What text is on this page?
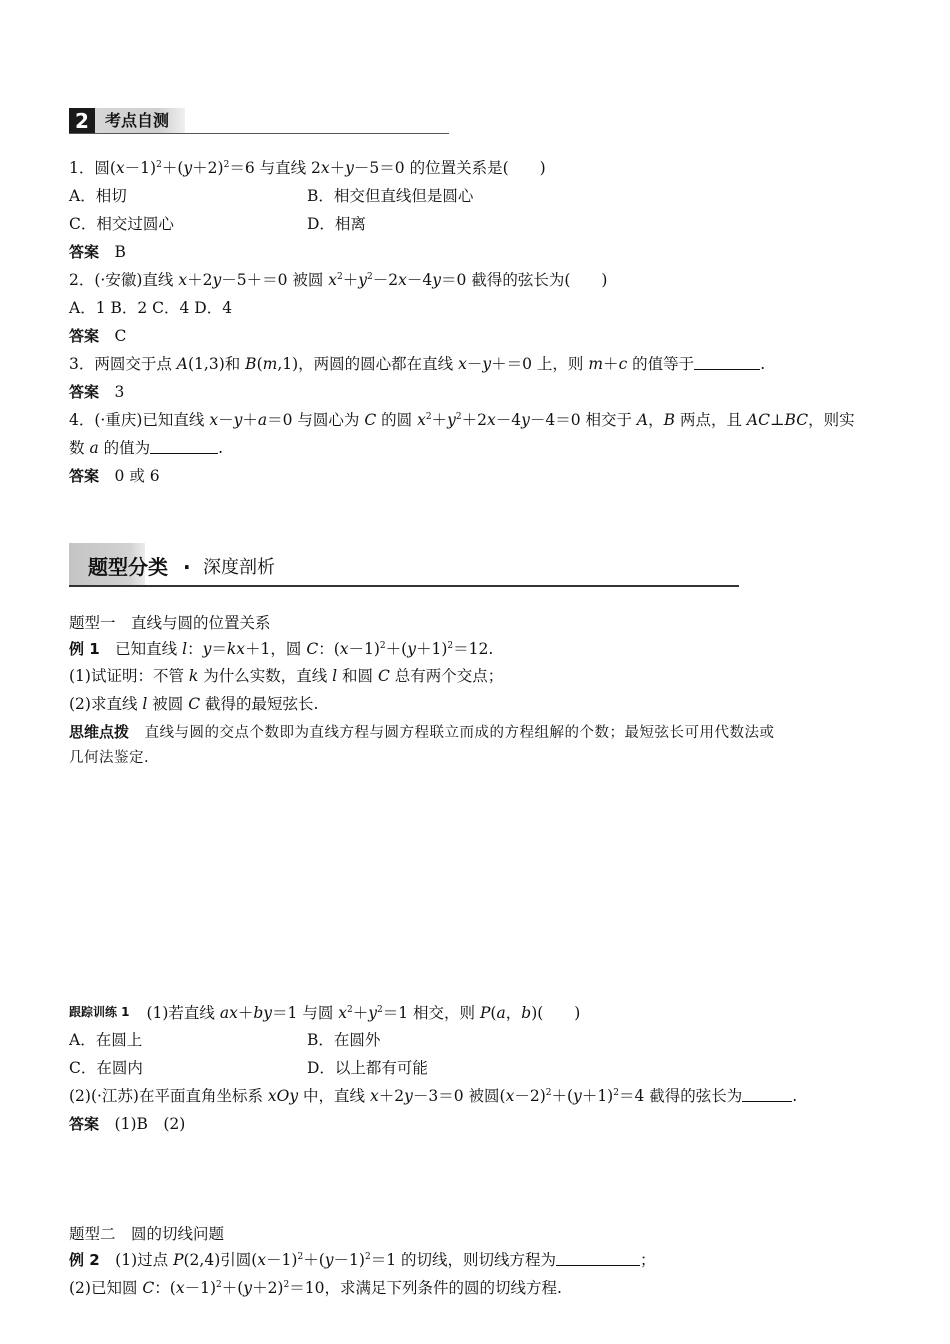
2	考点自测
1．圆$(x-1)^2+(y+2)^2=6$ 与直线 2x＋y－5＝0 的位置关系是(　　)
A．相切	B．相交但直线但是圆心
C．相交过圆心	D．相离
答案　 B
2．(·安徽)直线 x＋2y－5＋＝0 被圆 $x^2+y^2-2x-4y=0$ 截得的弦长为(　　)
A．1 B．2 C．4 D．4
答案　 C
3．两圆交于点 A(1,3)和 B(m,1)，两圆的圆心都在直线 x－y＋＝0 上，则 m＋c 的值等于	.
答案　 3
4．(·重庆)已知直线 x－y＋a＝0 与圆心为 C 的圆 $x^2+y^2+2x-4y-4=0$ 相交于 A，B 两点，且 AC⊥BC，则实
数 a 的值为	.
答案　 0 或 6
题型分类 · 深度剖析
题型一　直线与圆的位置关系
例 1　已知直线 l：y＝kx＋1，圆 C：$(x-1)^2+(y+1)^2=12$.
(1)试证明：不管 k 为什么实数，直线 l 和圆 C 总有两个交点；
(2)求直线 l 被圆 C 截得的最短弦长.
思维点拨　 直线与圆的交点个数即为直线方程与圆方程联立而成的方程组解的个数；最短弦长可用代数法或
几何法鉴定.
跟踪训练 1 (1)若直线 ax＋by＝1 与圆 $x^2+y^2=1$ 相交，则 P(a，b)(　　)
A．在圆上	B．在圆外
C．在圆内	D．以上都有可能
(2)(·江苏)在平面直角坐标系 xOy 中，直线 x＋2y－3＝0 被圆$(x-2)^2+(y+1)^2=4$ 截得的弦长为	.
答案　 (1)B　(2)
题型二　圆的切线问题
例 2　(1)过点 P(2,4)引圆$(x-1)^2+(y-1)^2=1$ 的切线，则切线方程为	；
(2)已知圆 C：$(x-1)^2+(y+2)^2=10$，求满足下列条件的圆的切线方程.
